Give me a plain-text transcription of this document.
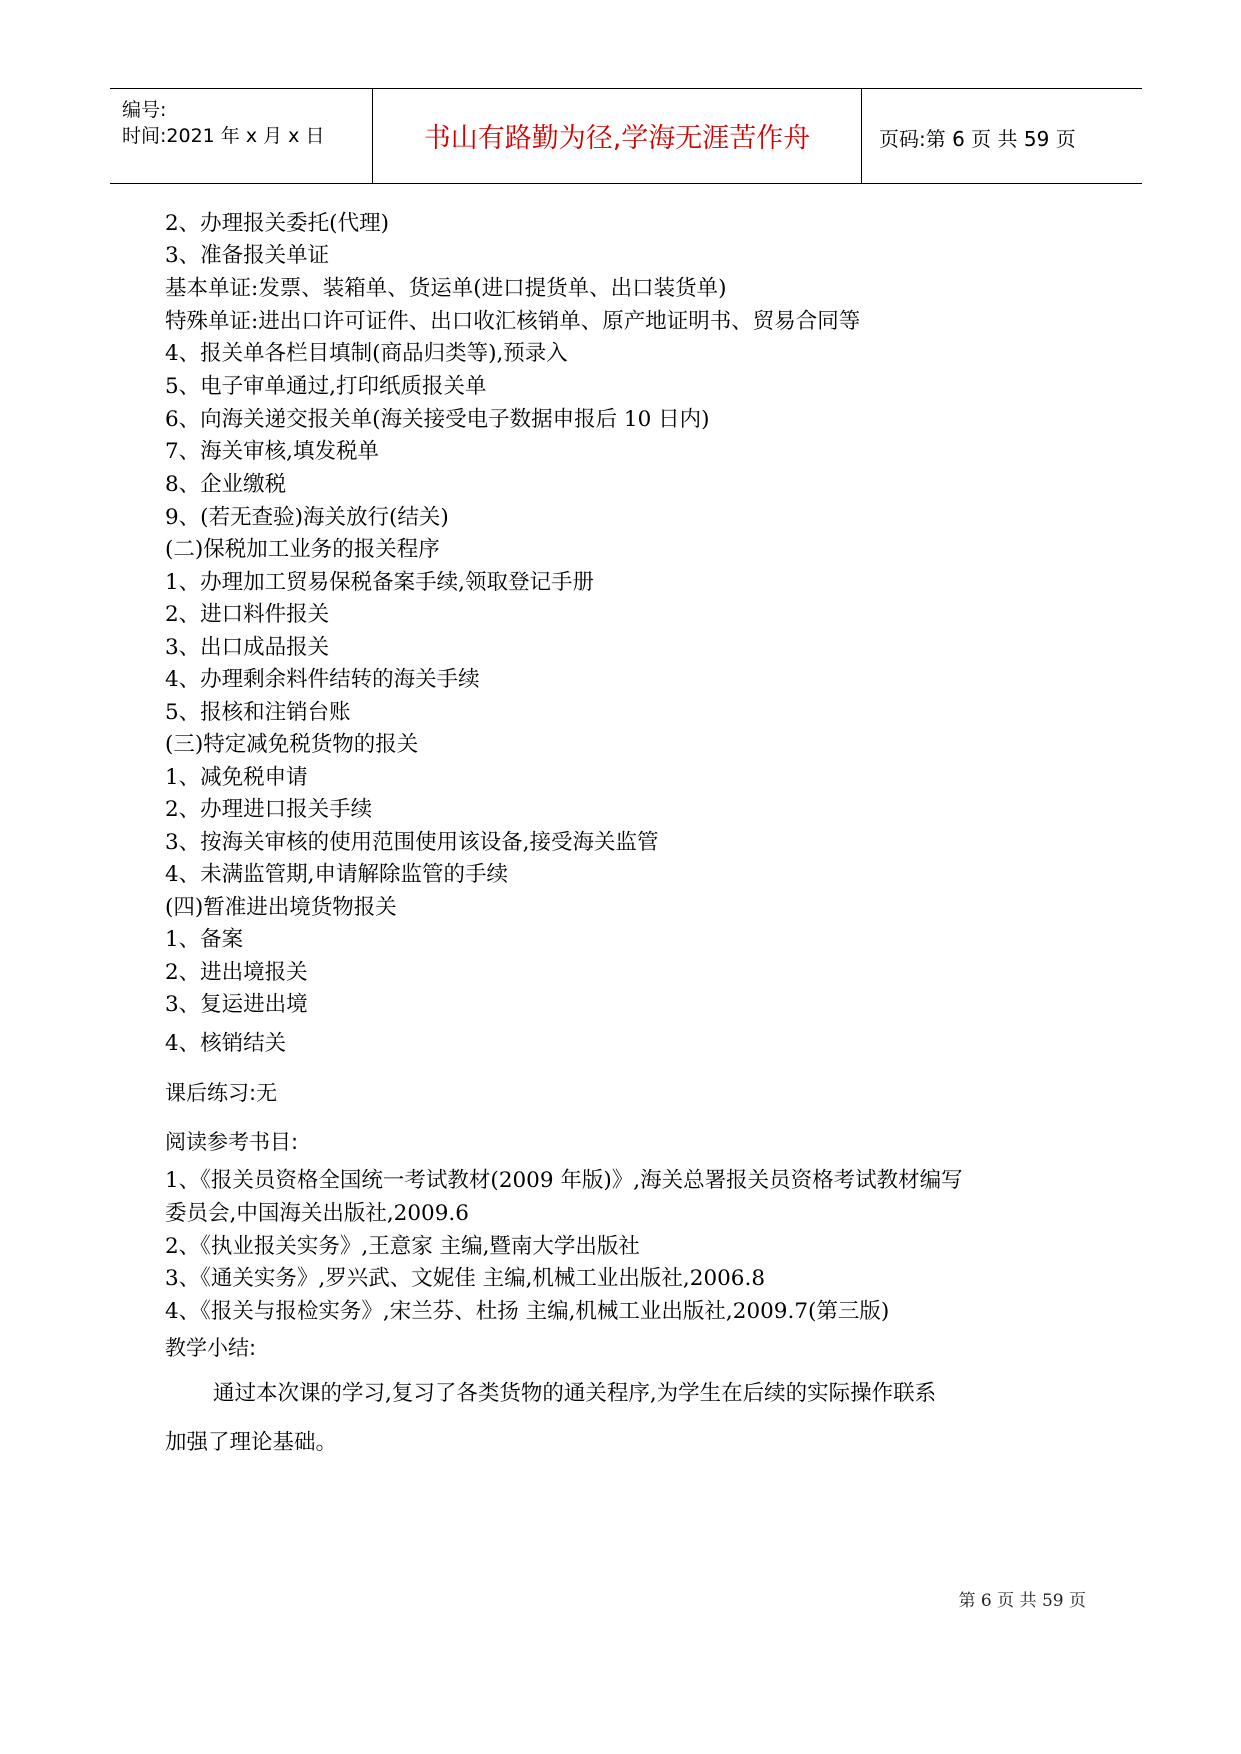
编号:
时间:2021 年 x 月 x 日	书山有路勤为径,学海无涯苦作舟	页码:第 6 页 共 59 页
2、办理报关委托(代理)
3、准备报关单证
基本单证:发票、装箱单、货运单(进口提货单、出口装货单)
特殊单证:进出口许可证件、出口收汇核销单、原产地证明书、贸易合同等
4、报关单各栏目填制(商品归类等),预录入
5、电子审单通过,打印纸质报关单
6、向海关递交报关单(海关接受电子数据申报后 10 日内)
7、海关审核,填发税单
8、企业缴税
9、(若无查验)海关放行(结关)
(二)保税加工业务的报关程序
1、办理加工贸易保税备案手续,领取登记手册
2、进口料件报关
3、出口成品报关
4、办理剩余料件结转的海关手续
5、报核和注销台账
(三)特定减免税货物的报关
1、减免税申请
2、办理进口报关手续
3、按海关审核的使用范围使用该设备,接受海关监管
4、未满监管期,申请解除监管的手续
(四)暂准进出境货物报关
1、备案
2、进出境报关
3、复运进出境
4、核销结关
课后练习:无
阅读参考书目:
1、《报关员资格全国统一考试教材(2009 年版)》,海关总署报关员资格考试教材编写
委员会,中国海关出版社,2009.6
2、《执业报关实务》,王意家 主编,暨南大学出版社
3、《通关实务》,罗兴武、文妮佳 主编,机械工业出版社,2006.8
4、《报关与报检实务》,宋兰芬、杜扬 主编,机械工业出版社,2009.7(第三版)
教学小结:
通过本次课的学习,复习了各类货物的通关程序,为学生在后续的实际操作联系
加强了理论基础。
第 6 页 共 59 页
